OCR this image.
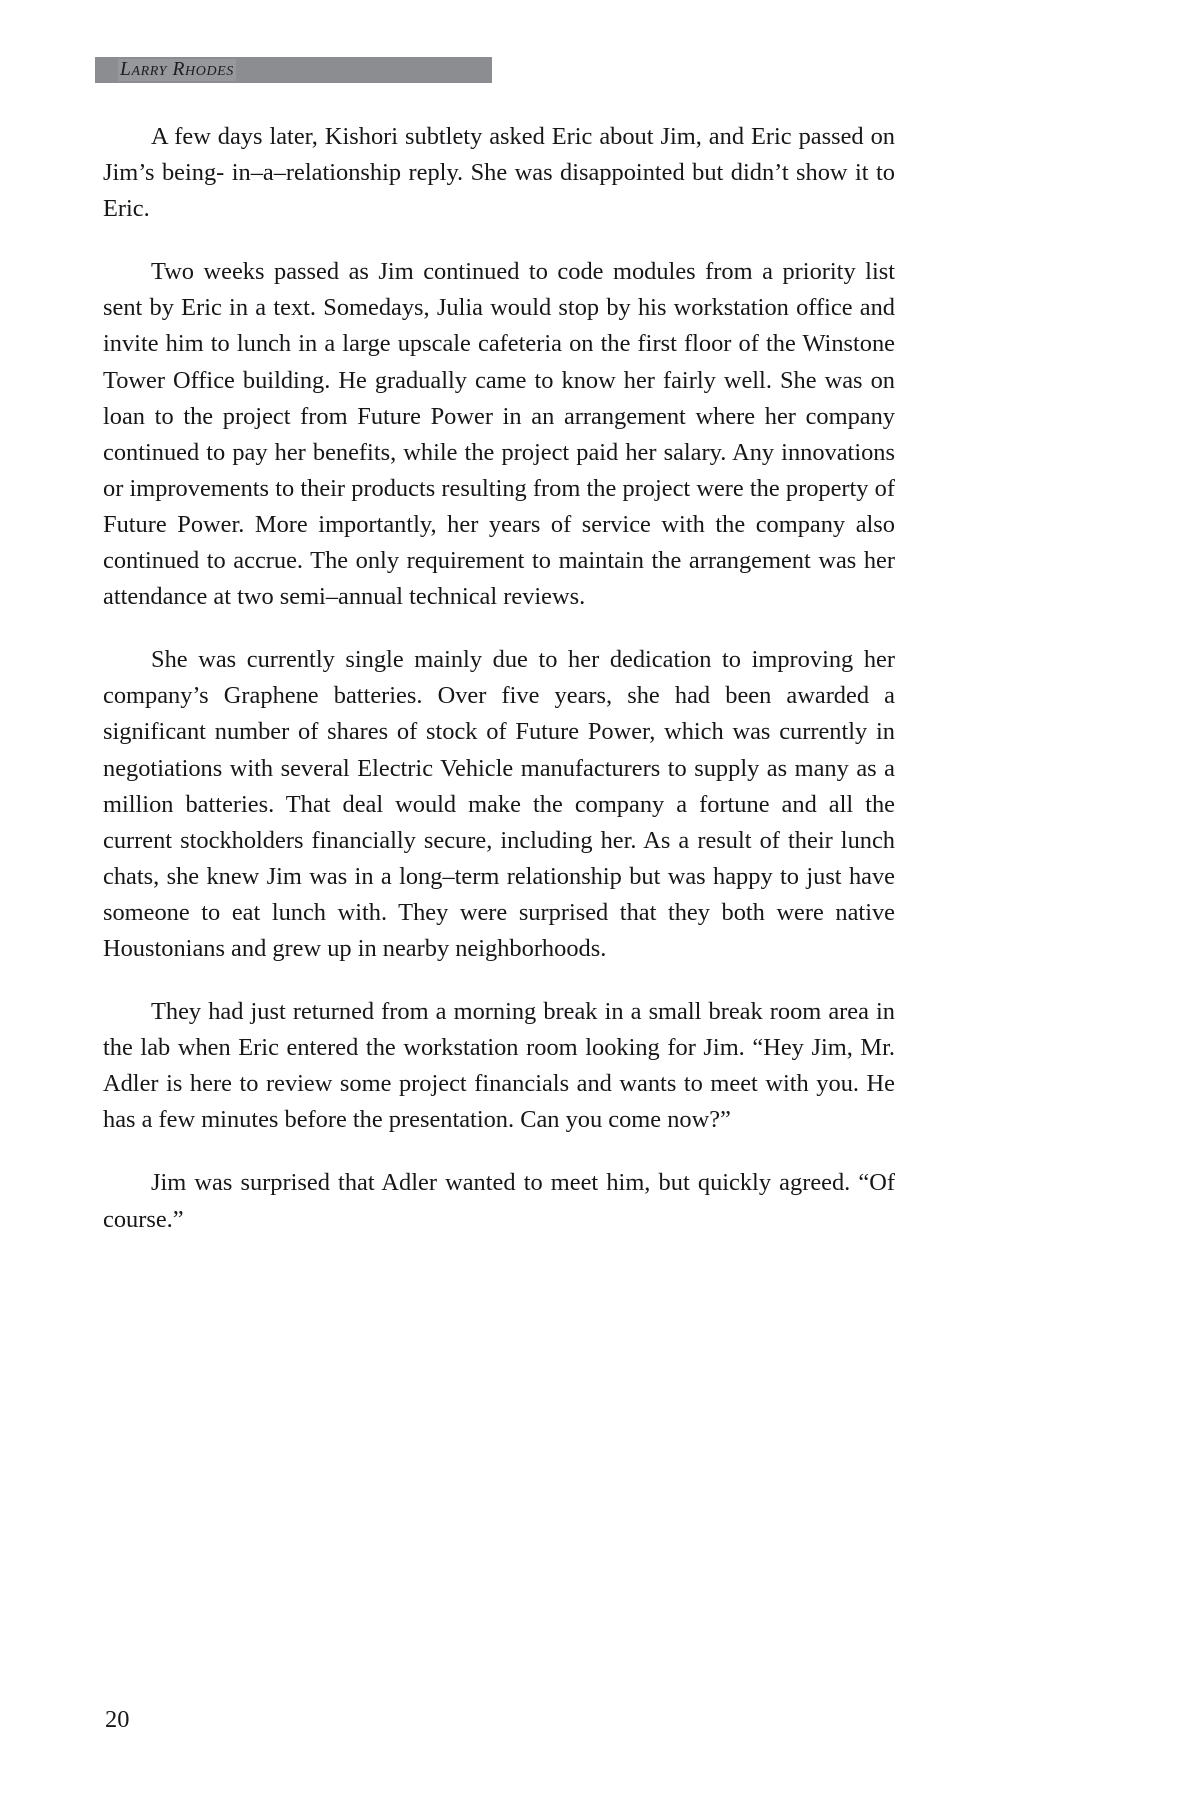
Larry Rhodes

A few days later, Kishori subtlety asked Eric about Jim, and Eric passed on Jim’s being- in–a–relationship reply. She was disappointed but didn’t show it to Eric.

Two weeks passed as Jim continued to code modules from a priority list sent by Eric in a text. Somedays, Julia would stop by his workstation office and invite him to lunch in a large upscale cafeteria on the first floor of the Winstone Tower Office building. He gradually came to know her fairly well. She was on loan to the project from Future Power in an arrangement where her company continued to pay her benefits, while the project paid her salary. Any innovations or improvements to their products resulting from the project were the property of Future Power. More importantly, her years of service with the company also continued to accrue. The only requirement to maintain the arrangement was her attendance at two semi–annual technical reviews.

She was currently single mainly due to her dedication to improving her company’s Graphene batteries. Over five years, she had been awarded a significant number of shares of stock of Future Power, which was currently in negotiations with several Electric Vehicle manufacturers to supply as many as a million batteries. That deal would make the company a fortune and all the current stockholders financially secure, including her. As a result of their lunch chats, she knew Jim was in a long–term relationship but was happy to just have someone to eat lunch with. They were surprised that they both were native Houstonians and grew up in nearby neighborhoods.

They had just returned from a morning break in a small break room area in the lab when Eric entered the workstation room looking for Jim. “Hey Jim, Mr. Adler is here to review some project financials and wants to meet with you. He has a few minutes before the presentation. Can you come now?”

Jim was surprised that Adler wanted to meet him, but quickly agreed. “Of course.”

20
